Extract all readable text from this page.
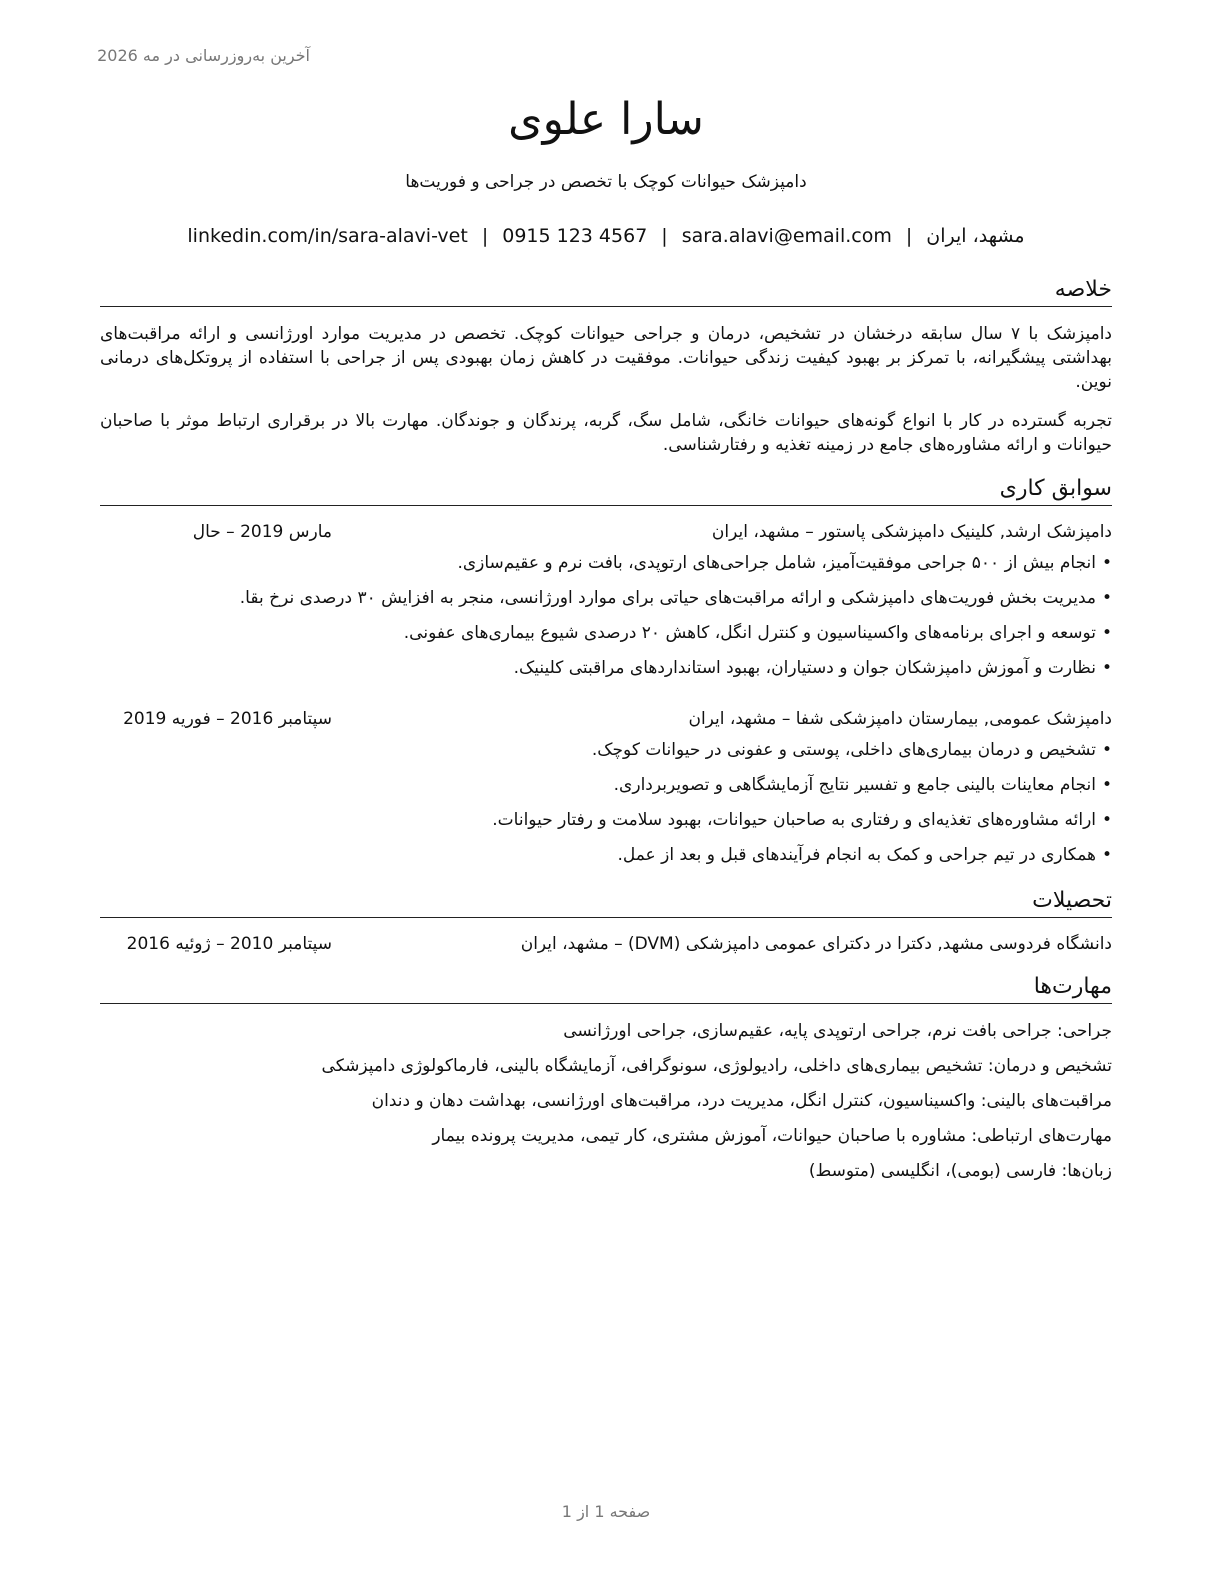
آخرین به‌روزرسانی در مه 2026
سارا علوی
دامپزشک حیوانات کوچک با تخصص در جراحی و فوریت‌ها
مشهد، ایران|sara.alavi@email.com|0915 123 4567|linkedin.com/in/sara-alavi-vet
خلاصه

دامپزشک با ۷ سال سابقه درخشان در تشخیص، درمان و جراحی حیوانات کوچک. تخصص در مدیریت موارد اورژانسی و ارائه مراقبت‌های بهداشتی پیشگیرانه، با تمرکز بر بهبود کیفیت زندگی حیوانات. موفقیت در کاهش زمان بهبودی پس از جراحی با استفاده از پروتکل‌های درمانی نوین.

تجربه گسترده در کار با انواع گونه‌های حیوانات خانگی، شامل سگ، گربه، پرندگان و جوندگان. مهارت بالا در برقراری ارتباط موثر با صاحبان حیوانات و ارائه مشاوره‌های جامع در زمینه تغذیه و رفتارشناسی.

سوابق کاری
دامپزشک ارشد, کلینیک دامپزشکی پاستور – مشهد، ایران
مارس 2019 – حال
•
انجام بیش از ۵۰۰ جراحی موفقیت‌آمیز، شامل جراحی‌های ارتوپدی، بافت نرم و عقیم‌سازی.
•
مدیریت بخش فوریت‌های دامپزشکی و ارائه مراقبت‌های حیاتی برای موارد اورژانسی، منجر به افزایش ۳۰ درصدی نرخ بقا.
•
توسعه و اجرای برنامه‌های واکسیناسیون و کنترل انگل، کاهش ۲۰ درصدی شیوع بیماری‌های عفونی.
•
نظارت و آموزش دامپزشکان جوان و دستیاران، بهبود استانداردهای مراقبتی کلینیک.
دامپزشک عمومی, بیمارستان دامپزشکی شفا – مشهد، ایران
سپتامبر 2016 – فوریه 2019
•
تشخیص و درمان بیماری‌های داخلی، پوستی و عفونی در حیوانات کوچک.
•
انجام معاینات بالینی جامع و تفسیر نتایج آزمایشگاهی و تصویربرداری.
•
ارائه مشاوره‌های تغذیه‌ای و رفتاری به صاحبان حیوانات، بهبود سلامت و رفتار حیوانات.
•
همکاری در تیم جراحی و کمک به انجام فرآیندهای قبل و بعد از عمل.
تحصیلات
دانشگاه فردوسی مشهد, دکترا در دکترای عمومی دامپزشکی (DVM) – مشهد، ایران
سپتامبر 2010 – ژوئیه 2016
مهارت‌ها
جراحی: جراحی بافت نرم، جراحی ارتوپدی پایه، عقیم‌سازی، جراحی اورژانسی
تشخیص و درمان: تشخیص بیماری‌های داخلی، رادیولوژی، سونوگرافی، آزمایشگاه بالینی، فارماکولوژی دامپزشکی
مراقبت‌های بالینی: واکسیناسیون، کنترل انگل، مدیریت درد، مراقبت‌های اورژانسی، بهداشت دهان و دندان
مهارت‌های ارتباطی: مشاوره با صاحبان حیوانات، آموزش مشتری، کار تیمی، مدیریت پرونده بیمار
زبان‌ها: فارسی (بومی)، انگلیسی (متوسط)
صفحه 1 از 1
